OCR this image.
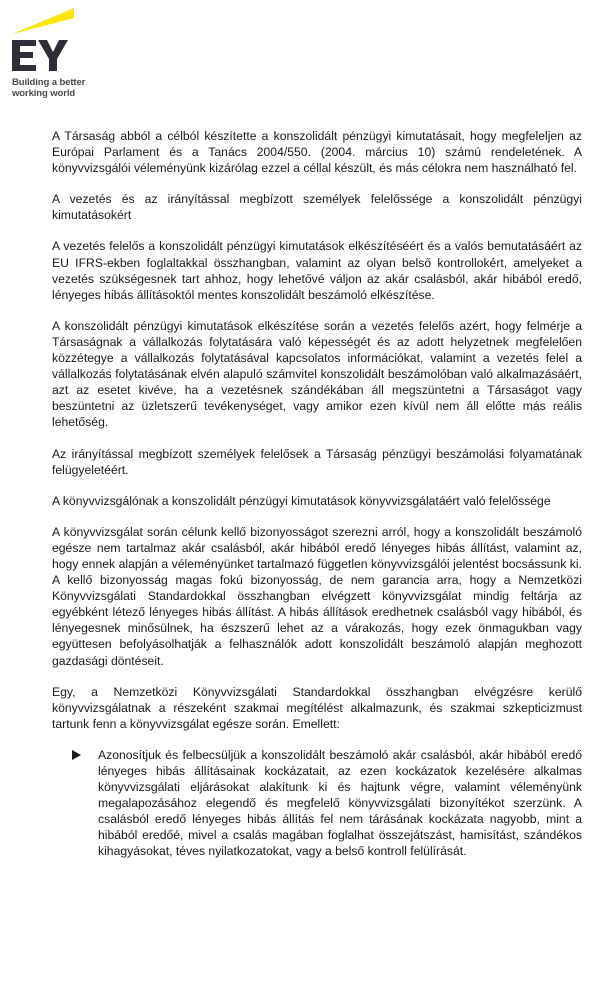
Building a better
working world

A Társaság abból a célból készítette a konszolidált pénzügyi kimutatásait, hogy megfeleljen az Európai Parlament és a Tanács 2004/550. (2004. március 10) számú rendeletének. A könyvvizsgálói véleményünk kizárólag ezzel a céllal készült, és más célokra nem használható fel.

A vezetés és az irányítással megbízott személyek felelőssége a konszolidált pénzügyi kimutatásokért

A vezetés felelős a konszolidált pénzügyi kimutatások elkészítéséért és a valós bemutatásáért az EU IFRS-ekben foglaltakkal összhangban, valamint az olyan belső kontrollokért, amelyeket a vezetés szükségesnek tart ahhoz, hogy lehetővé váljon az akár csalásból, akár hibából eredő, lényeges hibás állításoktól mentes konszolidált beszámoló elkészítése.

A konszolidált pénzügyi kimutatások elkészítése során a vezetés felelős azért, hogy felmérje a Társaságnak a vállalkozás folytatására való képességét és az adott helyzetnek megfelelően közzétegye a vállalkozás folytatásával kapcsolatos információkat, valamint a vezetés felel a vállalkozás folytatásának elvén alapuló számvitel konszolidált beszámolóban való alkalmazásáért, azt az esetet kivéve, ha a vezetésnek szándékában áll megszüntetni a Társaságot vagy beszüntetni az üzletszerű tevékenységet, vagy amikor ezen kívül nem áll előtte más reális lehetőség.

Az irányítással megbízott személyek felelősek a Társaság pénzügyi beszámolási folyamatának felügyeletéért.

A könyvvizsgálónak a konszolidált pénzügyi kimutatások könyvvizsgálatáért való felelőssége

A könyvvizsgálat során célunk kellő bizonyosságot szerezni arról, hogy a konszolidált beszámoló egésze nem tartalmaz akár csalásból, akár hibából eredő lényeges hibás állítást, valamint az, hogy ennek alapján a véleményünket tartalmazó független könyvvizsgálói jelentést bocsássunk ki. A kellő bizonyosság magas fokú bizonyosság, de nem garancia arra, hogy a Nemzetközi Könyvvizsgálati Standardokkal összhangban elvégzett könyvvizsgálat mindig feltárja az egyébként létező lényeges hibás állítást. A hibás állítások eredhetnek csalásból vagy hibából, és lényegesnek minősülnek, ha észszerű lehet az a várakozás, hogy ezek önmagukban vagy együttesen befolyásolhatják a felhasználók adott konszolidált beszámoló alapján meghozott gazdasági döntéseit.

Egy, a Nemzetközi Könyvvizsgálati Standardokkal összhangban elvégzésre kerülő könyvvizsgálatnak a részeként szakmai megítélést alkalmazunk, és szakmai szkepticizmust tartunk fenn a könyvvizsgálat egésze során. Emellett:

Azonosítjuk és felbecsüljük a konszolidált beszámoló akár csalásból, akár hibából eredő lényeges hibás állításainak kockázatait, az ezen kockázatok kezelésére alkalmas könyvvizsgálati eljárásokat alakítunk ki és hajtunk végre, valamint véleményünk megalapozásához elegendő és megfelelő könyvvizsgálati bizonyítékot szerzünk. A csalásból eredő lényeges hibás állítás fel nem tárásának kockázata nagyobb, mint a hibából eredőé, mivel a csalás magában foglalhat összejátszást, hamisítást, szándékos kihagyásokat, téves nyilatkozatokat, vagy a belső kontroll felülírását.
